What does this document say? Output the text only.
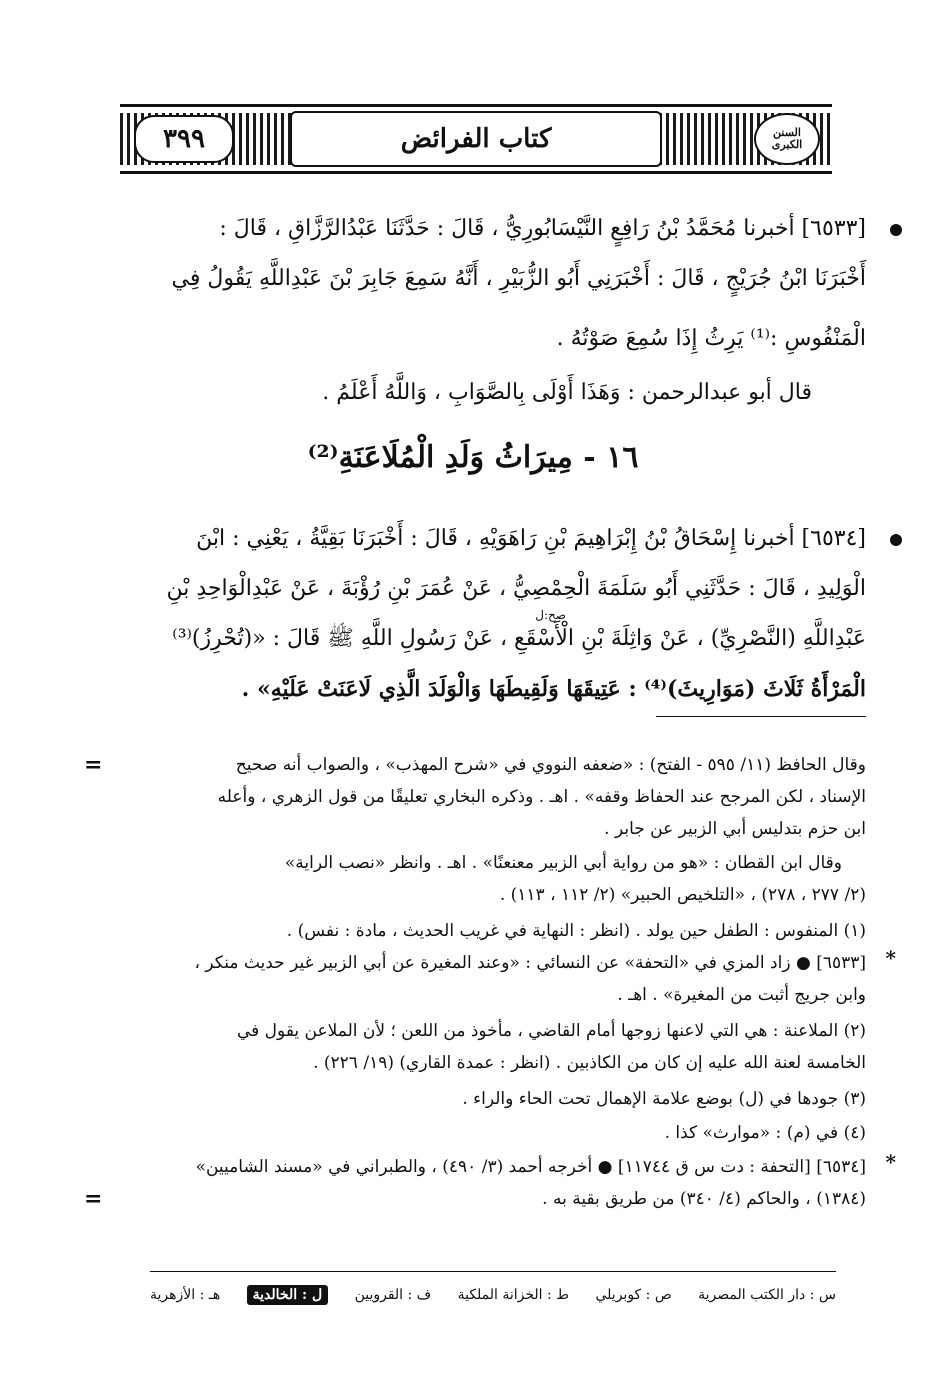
السنن الكبرى
كتاب الفرائض
٣٩٩
[٦٥٣٣] أخبرنا مُحَمَّدُ بْنُ رَافِعٍ النَّيْسَابُورِيُّ ، قَالَ : حَدَّثَنَا عَبْدُالرَّزَّاقِ ، قَالَ :
أَخْبَرَنَا ابْنُ جُرَيْجٍ ، قَالَ : أَخْبَرَنِي أَبُو الزُّبَيْرِ ، أَنَّهُ سَمِعَ جَابِرَ بْنَ عَبْدِاللَّهِ يَقُولُ فِي
الْمَنْفُوسِ :⁽¹⁾ يَرِثُ إِذَا سُمِعَ صَوْتُهُ .
قال أبو عبدالرحمن : وَهَذَا أَوْلَى بِالصَّوَابِ ، وَاللَّهُ أَعْلَمُ .
١٦ - مِيرَاثُ وَلَدِ الْمُلَاعَنَةِ⁽²⁾
[٦٥٣٤] أخبرنا إِسْحَاقُ بْنُ إِبْرَاهِيمَ بْنِ رَاهَوَيْهِ ، قَالَ : أَخْبَرَنَا بَقِيَّةُ ، يَعْنِي : ابْنَ
الْوَلِيدِ ، قَالَ : حَدَّثَنِي أَبُو سَلَمَةَ الْحِمْصِيُّ ، عَنْ عُمَرَ بْنِ رُؤْبَةَ ، عَنْ عَبْدِالْوَاحِدِ بْنِ
صح:ل
عَبْدِاللَّهِ (النَّصْرِيِّ) ، عَنْ وَاثِلَةَ بْنِ الْأَسْقَعِ ، عَنْ رَسُولِ اللَّهِ ﷺ قَالَ : «(تُحْرِزُ)⁽³⁾
الْمَرْأَةُ ثَلَاثَ (مَوَارِيثَ)⁽⁴⁾ : عَتِيقَهَا وَلَقِيطَهَا وَالْوَلَدَ الَّذِي لَاعَنَتْ عَلَيْهِ» .
=	وقال الحافظ (١١/ ٥٩٥ - الفتح) : «ضعفه النووي في «شرح المهذب» ، والصواب أنه صحيح
الإسناد ، لكن المرجح عند الحفاظ وقفه» . اهـ . وذكره البخاري تعليقًا من قول الزهري ، وأعله
ابن حزم بتدليس أبي الزبير عن جابر .
وقال ابن القطان : «هو من رواية أبي الزبير معنعنًا» . اهـ . وانظر «نصب الراية»
(٢/ ٢٧٧ ، ٢٧٨) ، «التلخيص الحبير» (٢/ ١١٢ ، ١١٣) .
(١) المنفوس : الطفل حين يولد . (انظر : النهاية في غريب الحديث ، مادة : نفس) .
*
[٦٥٣٣] ● زاد المزي في «التحفة» عن النسائي : «وعند المغيرة عن أبي الزبير غير حديث منكر ،
وابن جريج أثبت من المغيرة» . اهـ .
(٢) الملاعنة : هي التي لاعنها زوجها أمام القاضي ، مأخوذ من اللعن ؛ لأن الملاعن يقول في
الخامسة لعنة الله عليه إن كان من الكاذبين . (انظر : عمدة القاري) (١٩/ ٢٢٦) .
(٣) جودها في (ل) بوضع علامة الإهمال تحت الحاء والراء .
(٤) في (م) : «موارث» كذا .
*
[٦٥٣٤] [التحفة : دت س ق ١١٧٤٤] ● أخرجه أحمد (٣/ ٤٩٠) ، والطبراني في «مسند الشاميين»
(١٣٨٤) ، والحاكم (٤/ ٣٤٠) من طريق بقية به .
=
س : دار الكتب المصرية
ص : كوبريلي
ط : الخزانة الملكية
ف : القرويين
ل : الخالدية
هـ : الأزهرية
